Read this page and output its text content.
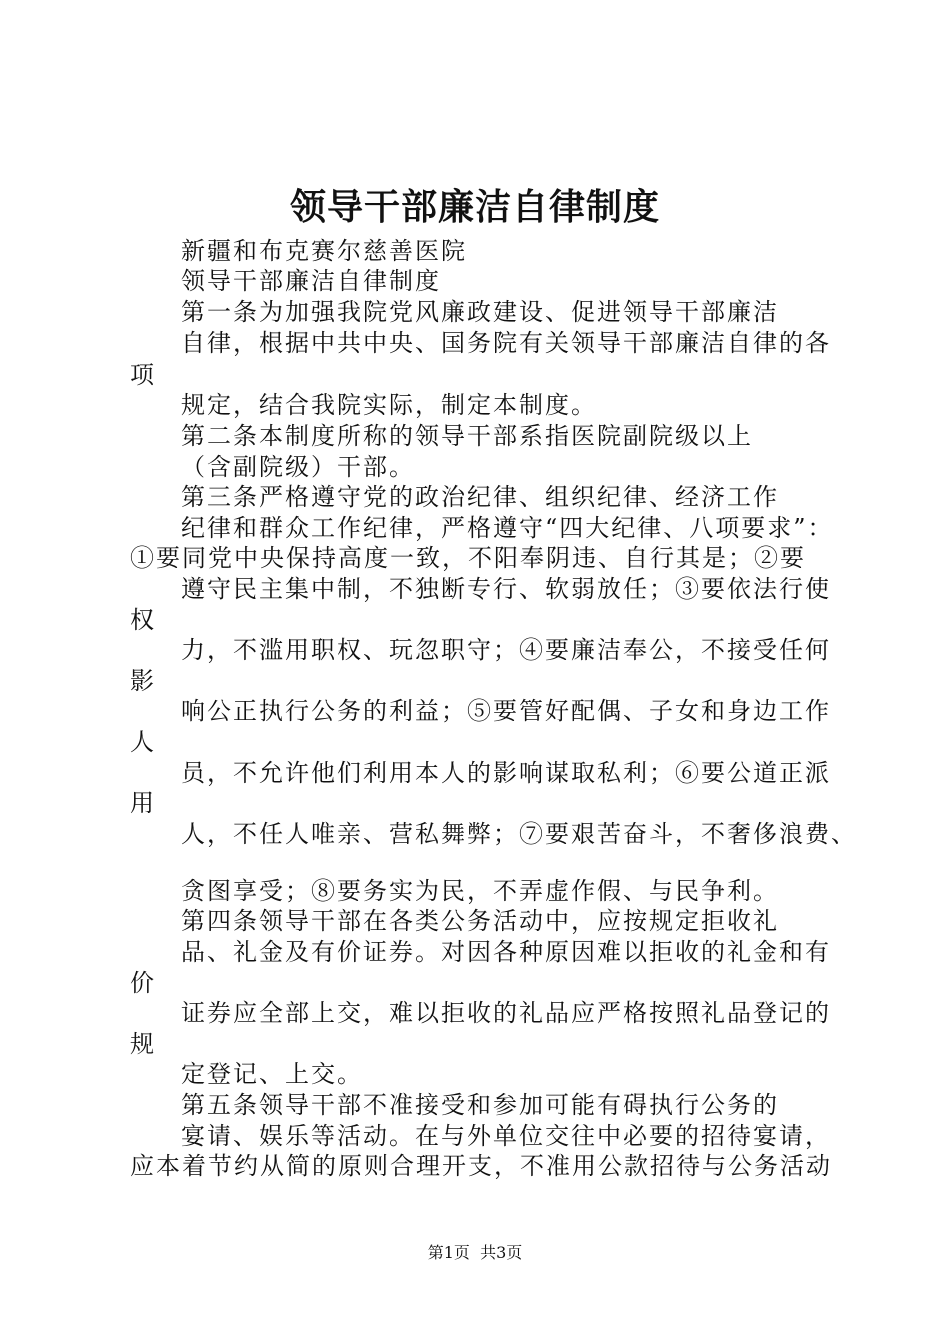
领导干部廉洁自律制度
新疆和布克赛尔慈善医院
领导干部廉洁自律制度
第一条为加强我院党风廉政建设、促进领导干部廉洁
自律，根据中共中央、国务院有关领导干部廉洁自律的各
项
规定，结合我院实际，制定本制度。
第二条本制度所称的领导干部系指医院副院级以上
（含副院级）干部。
第三条严格遵守党的政治纪律、组织纪律、经济工作
纪律和群众工作纪律，严格遵守“四大纪律、八项要求”：
①要同党中央保持高度一致，不阳奉阴违、自行其是；②要
遵守民主集中制，不独断专行、软弱放任；③要依法行使
权
力，不滥用职权、玩忽职守；④要廉洁奉公，不接受任何
影
响公正执行公务的利益；⑤要管好配偶、子女和身边工作
人
员，不允许他们利用本人的影响谋取私利；⑥要公道正派
用
人，不任人唯亲、营私舞弊；⑦要艰苦奋斗，不奢侈浪费、
贪图享受；⑧要务实为民，不弄虚作假、与民争利。
第四条领导干部在各类公务活动中，应按规定拒收礼
品、礼金及有价证券。对因各种原因难以拒收的礼金和有
价
证券应全部上交，难以拒收的礼品应严格按照礼品登记的
规
定登记、上交。
第五条领导干部不准接受和参加可能有碍执行公务的
宴请、娱乐等活动。在与外单位交往中必要的招待宴请，
应本着节约从简的原则合理开支，不准用公款招待与公务活动
第1页  共3页
